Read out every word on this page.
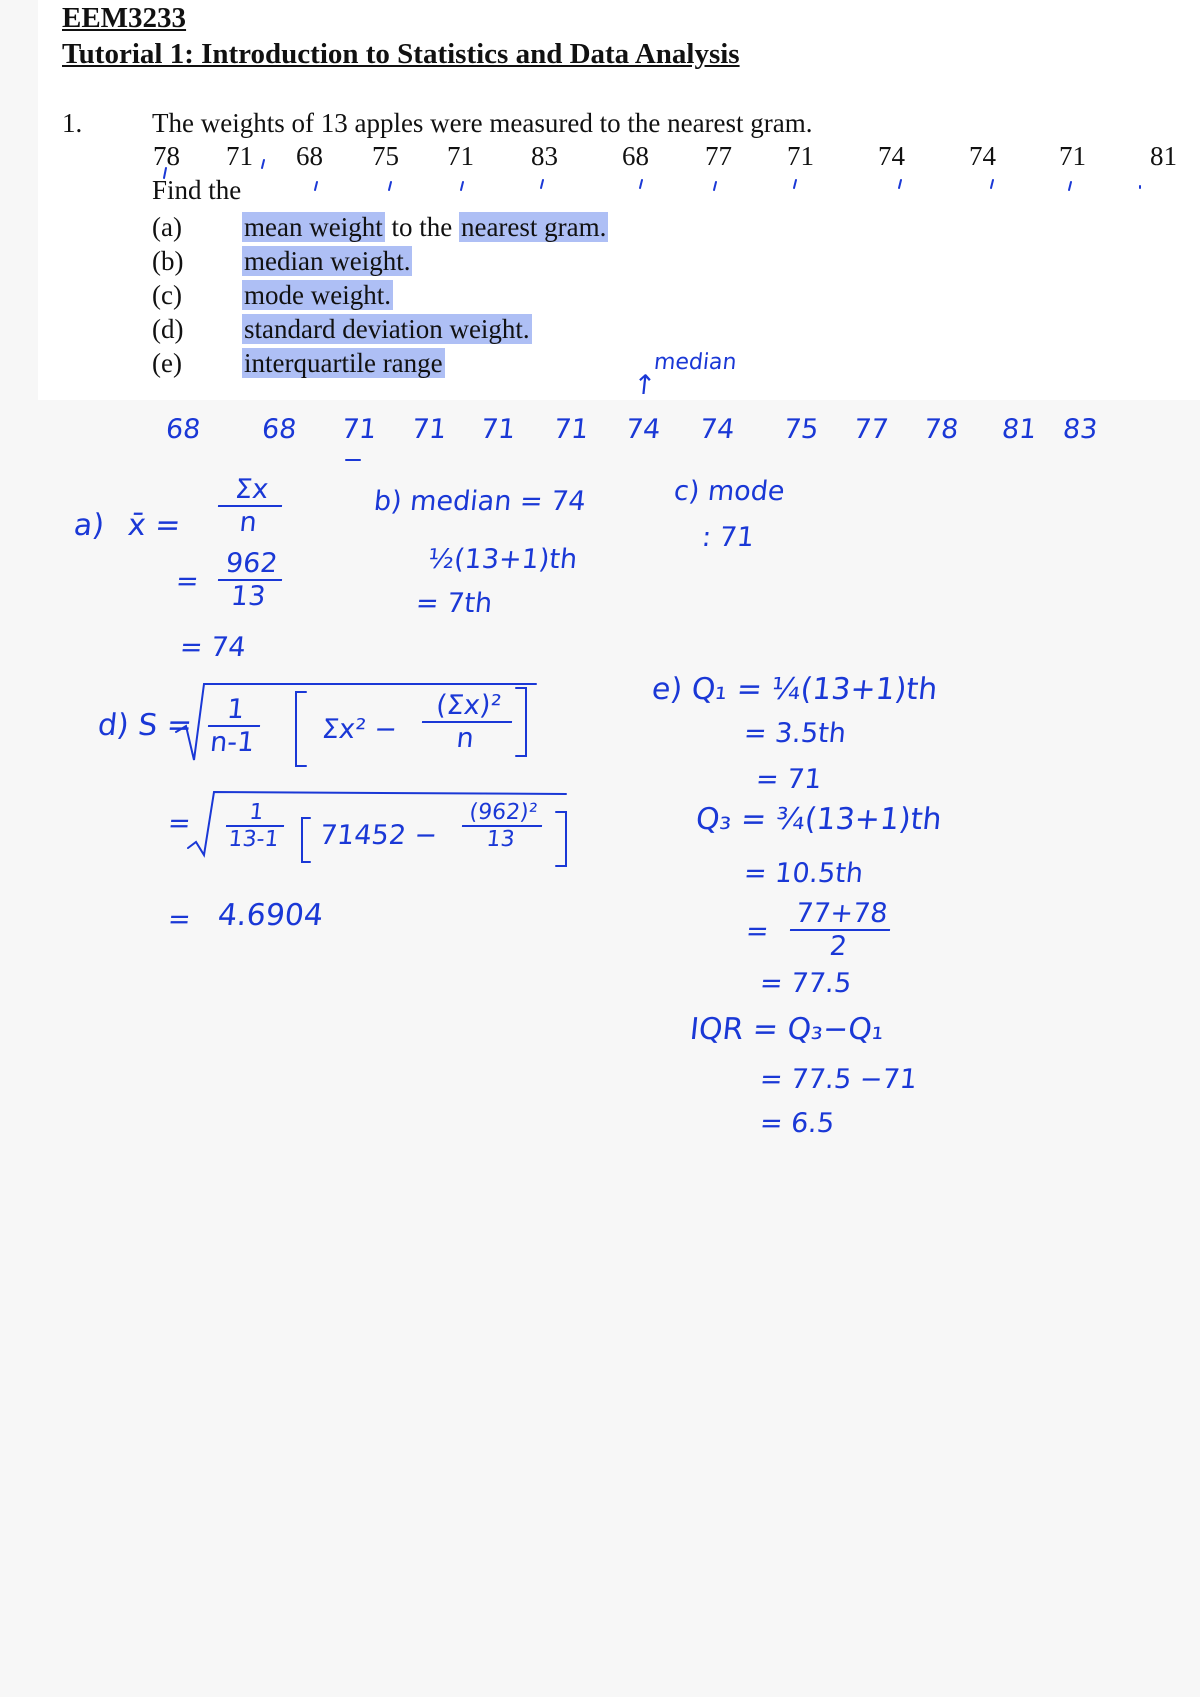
EEM3233
Tutorial 1: Introduction to Statistics and Data Analysis
1.	The weights of 13 apples were measured to the nearest gram.
78 71 68 75 71 83 68 77 71 74 74 71 81
Find the
(a) mean weight to the nearest gram.
(b) median weight.
(c) mode weight.
(d) standard deviation weight.
(e) interquartile range	median
↑
68 68 71 71 71 71 74 74 75 77 78 81 83
a) x̄ = $\frac{\Sigma x}{n}$
= $\frac{962}{13}$
= 74
b) median = 74
½(13+1)th
= 7th
c) mode
: 71
d) $S = \frac{1}{n-1} \Sigma x^2 - \frac{\text{(Σx)²}}{n}$
= $\frac{1}{13-1} 71452 - \frac{\text{(962)²}}{13}$
= 4.6904
e) Q₁ = ¼(13+1)th
= 3.5th
= 71
Q₃ = ¾(13+1)th
= 10.5th
= $\frac{77+78}{2}$
= 77.5
IQR = Q₃−Q₁
= 77.5 −71
= 6.5
